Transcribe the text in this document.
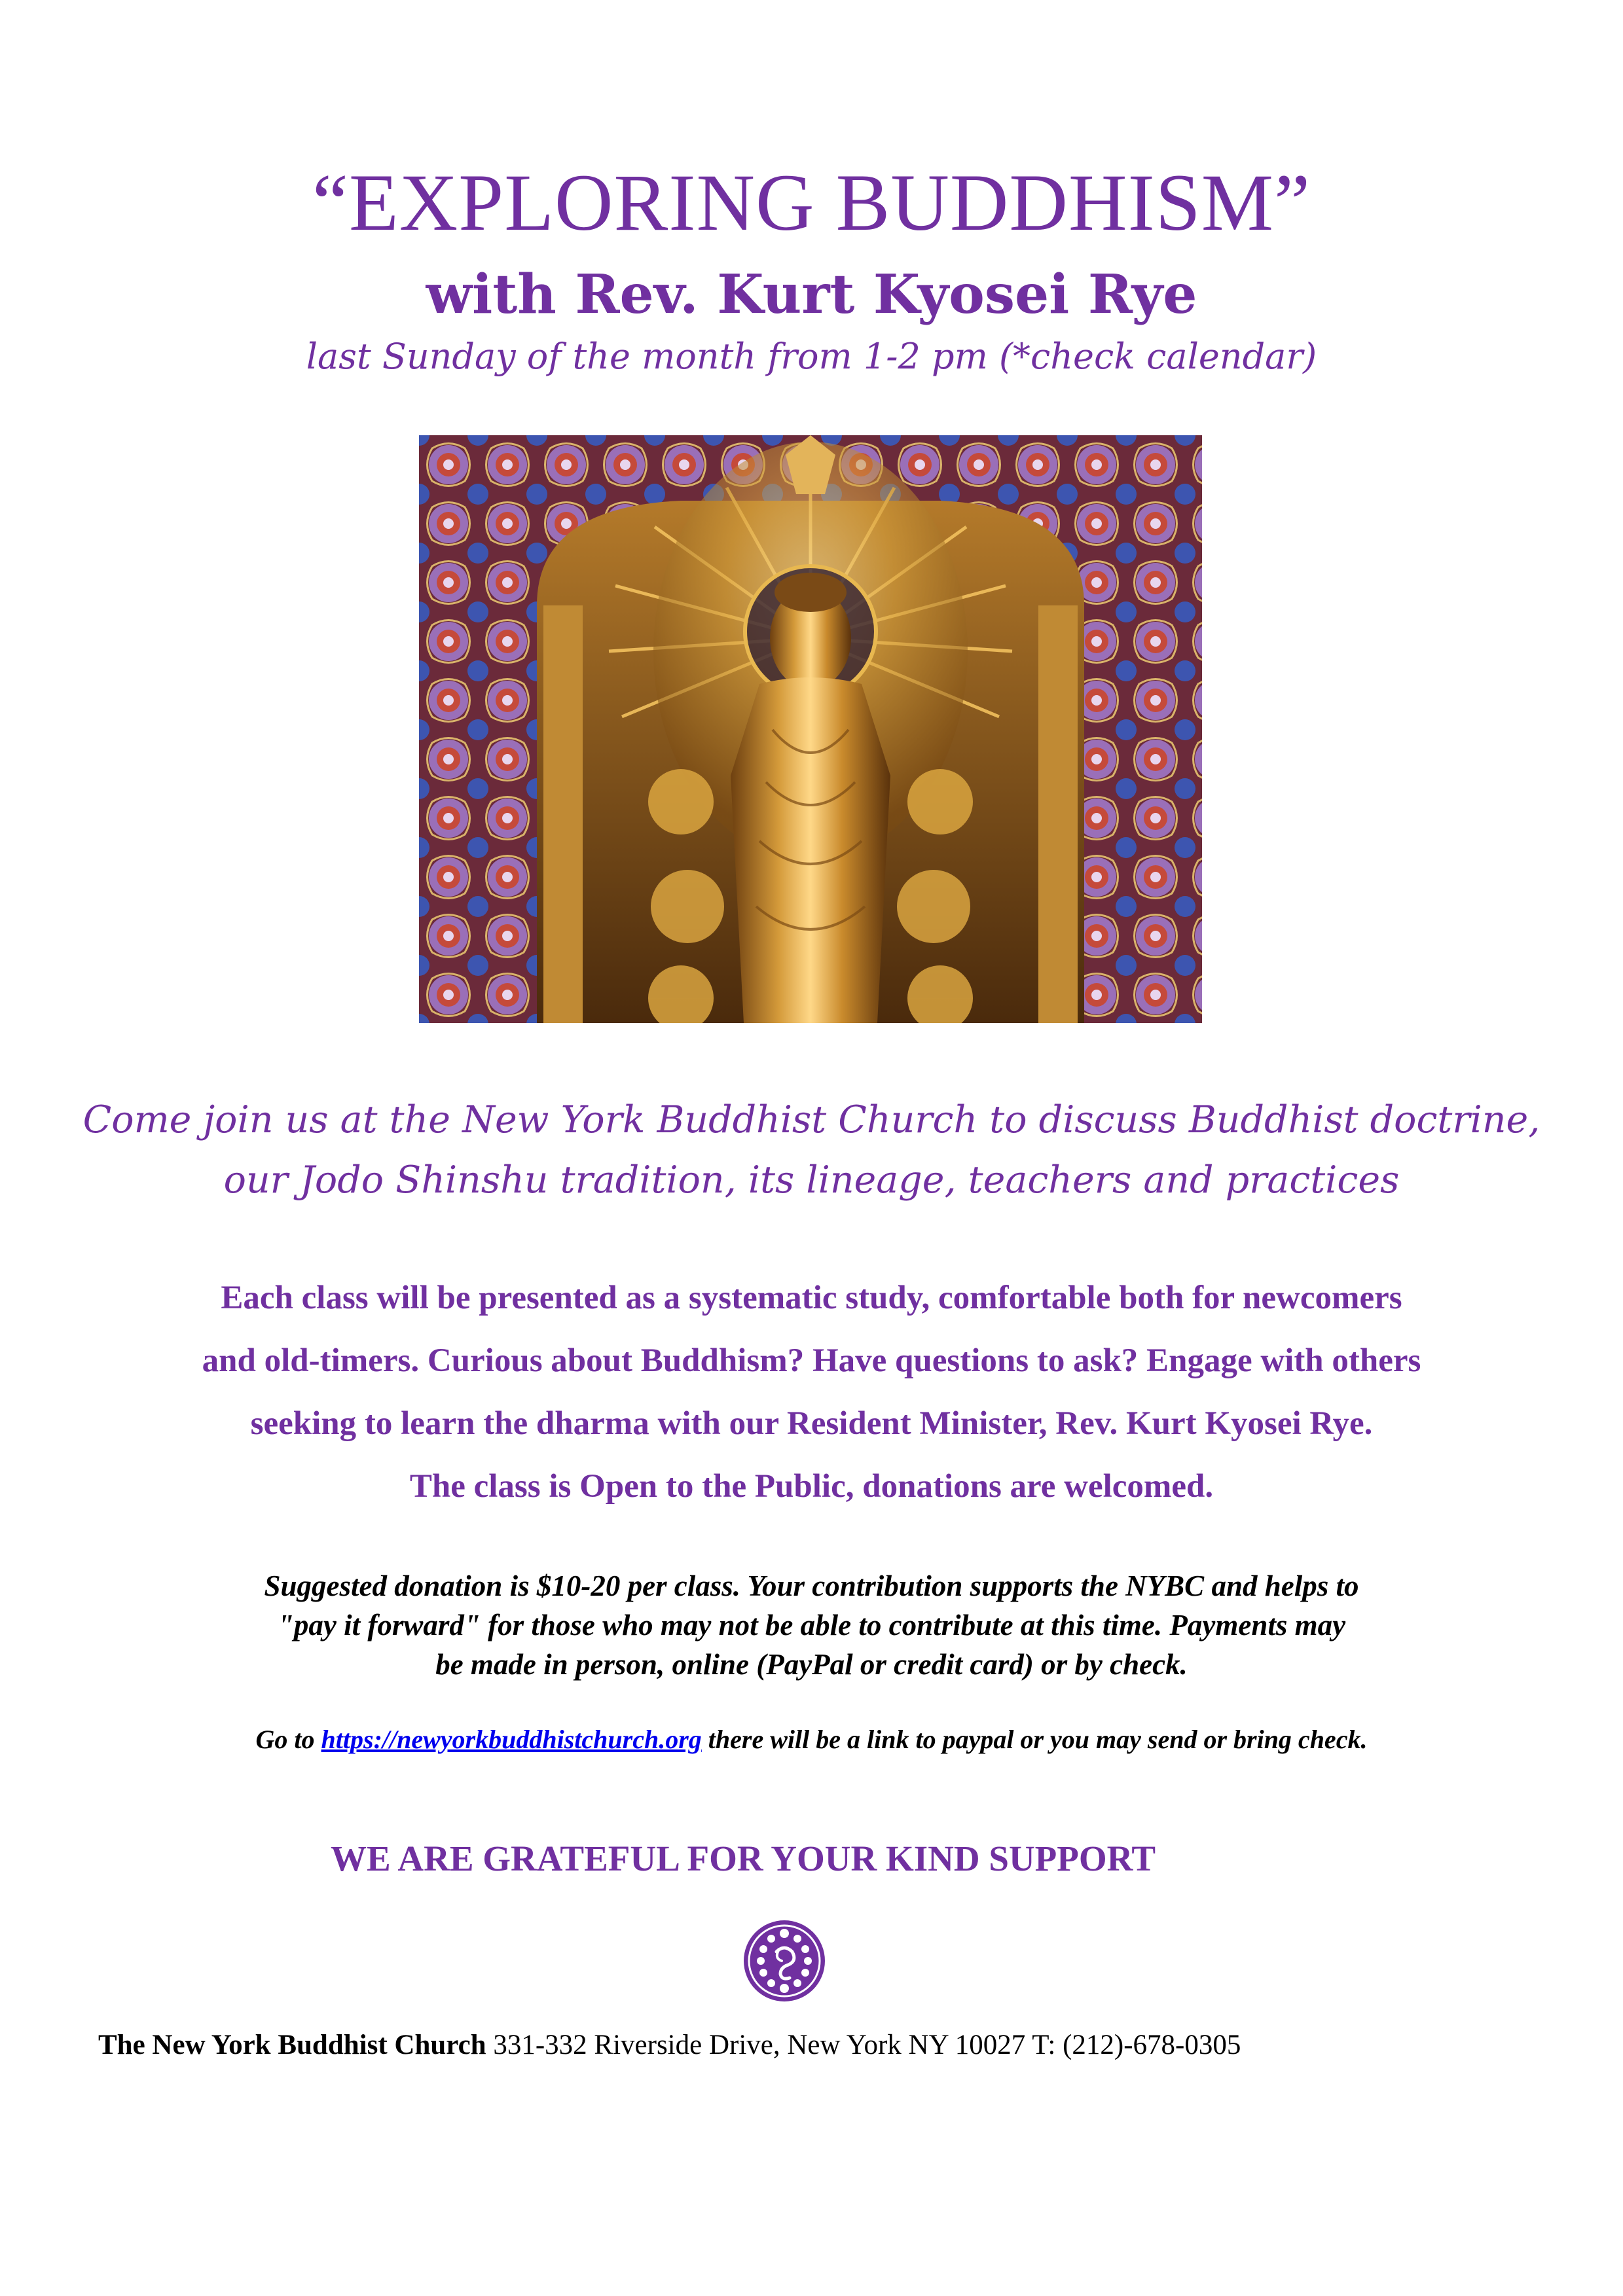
“EXPLORING BUDDHISM”
with Rev. Kurt Kyosei Rye
last Sunday of the month from 1-2 pm (*check calendar)
Come join us at the New York Buddhist Church to discuss Buddhist doctrine,
our Jodo Shinshu tradition, its lineage, teachers and practices
Each class will be presented as a systematic study, comfortable both for newcomers
and old-timers. Curious about Buddhism? Have questions to ask? Engage with others
seeking to learn the dharma with our Resident Minister, Rev. Kurt Kyosei Rye.
The class is Open to the Public, donations are welcomed.
Suggested donation is $10-20 per class. Your contribution supports the NYBC and helps to
"pay it forward" for those who may not be able to contribute at this time. Payments may
be made in person, online (PayPal or credit card) or by check.
Go to https://newyorkbuddhistchurch.org there will be a link to paypal or you may send or bring check.
WE ARE GRATEFUL FOR YOUR KIND SUPPORT
The New York Buddhist Church 331-332 Riverside Drive, New York NY 10027 T: (212)-678-0305
